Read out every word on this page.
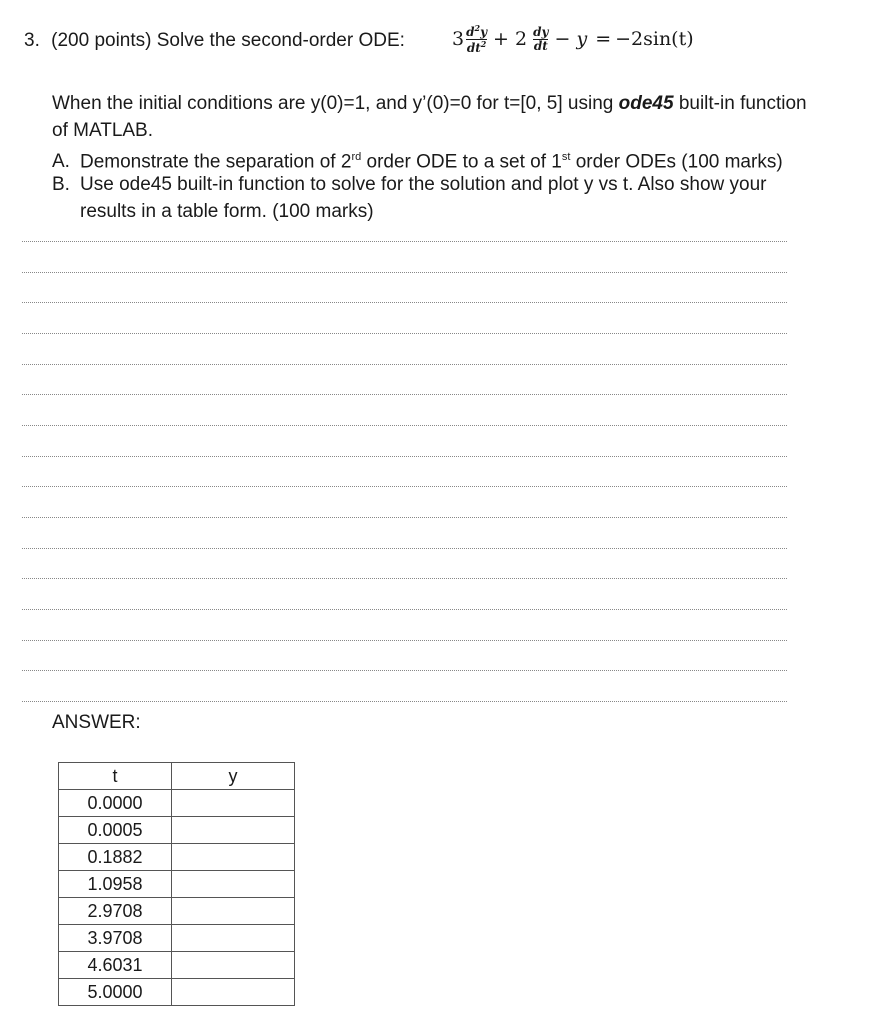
3. (200 points) Solve the second-order ODE: $3 \frac{d^2y}{dt^2} + 2 \frac{dy}{dt} - y = -2\sin(t)$
When the initial conditions are y(0)=1, and y’(0)=0 for t=[0, 5] using ode45 built-in function of MATLAB.
A. Demonstrate the separation of 2rd order ODE to a set of 1st order ODEs (100 marks)
B. Use ode45 built-in function to solve for the solution and plot y vs t. Also show your results in a table form. (100 marks)
ANSWER:
t	y
0.0000	
0.0005	
0.1882	
1.0958	
2.9708	
3.9708	
4.6031	
5.0000	
